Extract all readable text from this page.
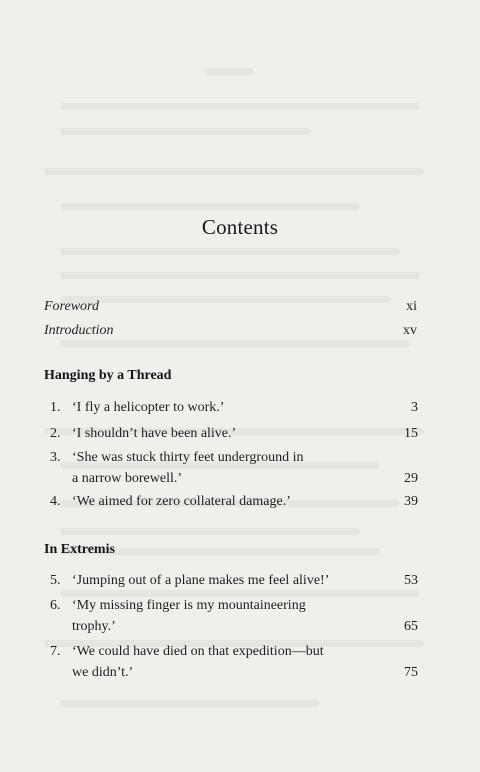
Contents
Foreword	xi
Introduction	xv
Hanging by a Thread
1. ‘I fly a helicopter to work.’	3
2. ‘I shouldn’t have been alive.’	15
3. ‘She was stuck thirty feet underground in
a narrow borewell.’	29
4. ‘We aimed for zero collateral damage.’	39
In Extremis
5. ‘Jumping out of a plane makes me feel alive!’	53
6. ‘My missing finger is my mountaineering
trophy.’	65
7. ‘We could have died on that expedition—but
we didn’t.’	75
